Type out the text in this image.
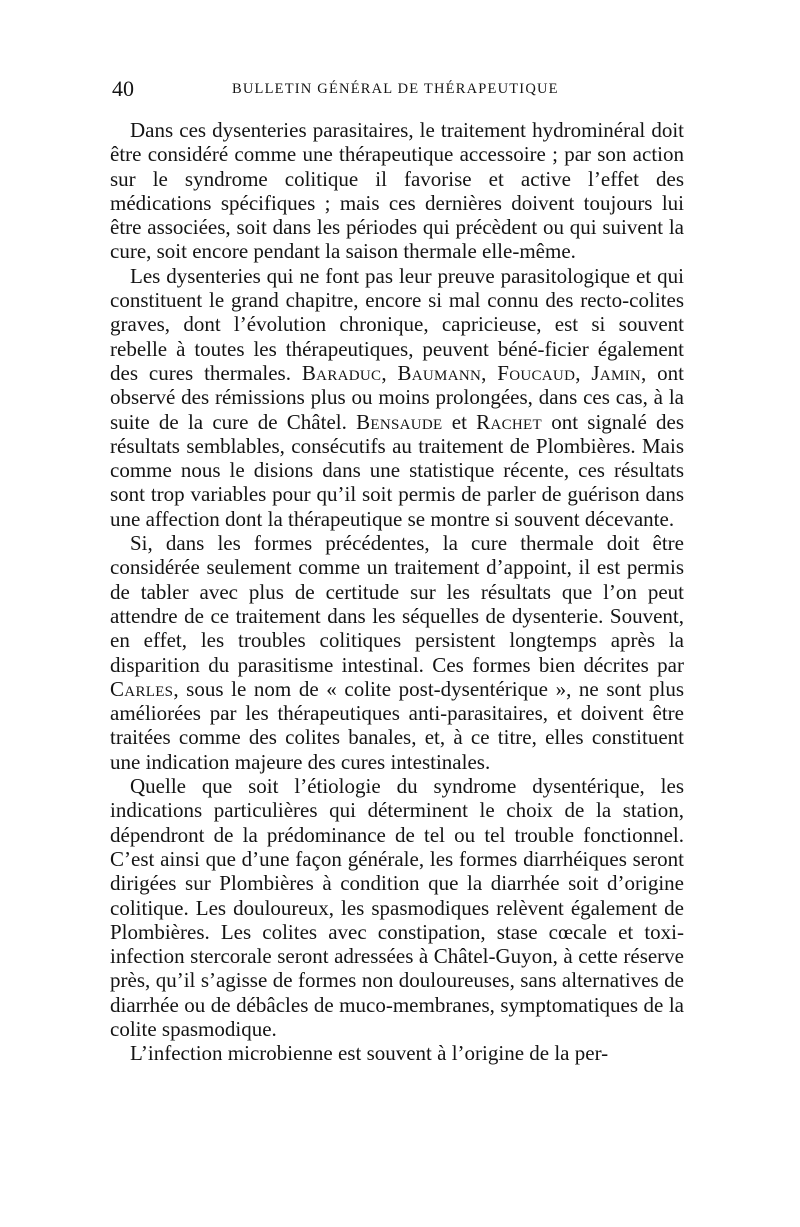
40	BULLETIN GÉNÉRAL DE THÉRAPEUTIQUE

Dans ces dysenteries parasitaires, le traitement hydrominéral doit être considéré comme une thérapeutique accessoire ; par son action sur le syndrome colitique il favorise et active l’effet des médications spécifiques ; mais ces dernières doivent toujours lui être associées, soit dans les périodes qui précèdent ou qui suivent la cure, soit encore pendant la saison thermale elle-même.

Les dysenteries qui ne font pas leur preuve parasitologique et qui constituent le grand chapitre, encore si mal connu des recto-colites graves, dont l’évolution chronique, capricieuse, est si souvent rebelle à toutes les thérapeutiques, peuvent béné-ficier également des cures thermales. Baraduc, Baumann, Foucaud, Jamin, ont observé des rémissions plus ou moins prolongées, dans ces cas, à la suite de la cure de Châtel. Bensaude et Rachet ont signalé des résultats semblables, consécutifs au traitement de Plombières. Mais comme nous le disions dans une statistique récente, ces résultats sont trop variables pour qu’il soit permis de parler de guérison dans une affection dont la thérapeutique se montre si souvent décevante.

Si, dans les formes précédentes, la cure thermale doit être considérée seulement comme un traitement d’appoint, il est permis de tabler avec plus de certitude sur les résultats que l’on peut attendre de ce traitement dans les séquelles de dysenterie. Souvent, en effet, les troubles colitiques persistent longtemps après la disparition du parasitisme intestinal. Ces formes bien décrites par Carles, sous le nom de « colite post-dysentérique », ne sont plus améliorées par les thérapeutiques anti-parasitaires, et doivent être traitées comme des colites banales, et, à ce titre, elles constituent une indication majeure des cures intestinales.

Quelle que soit l’étiologie du syndrome dysentérique, les indications particulières qui déterminent le choix de la station, dépendront de la prédominance de tel ou tel trouble fonctionnel. C’est ainsi que d’une façon générale, les formes diarrhéiques seront dirigées sur Plombières à condition que la diarrhée soit d’origine colitique. Les douloureux, les spasmodiques relèvent également de Plombières. Les colites avec constipation, stase cœcale et toxi-infection stercorale seront adressées à Châtel-Guyon, à cette réserve près, qu’il s’agisse de formes non douloureuses, sans alternatives de diarrhée ou de débâcles de muco-membranes, symptomatiques de la colite spasmodique.

L’infection microbienne est souvent à l’origine de la per-
